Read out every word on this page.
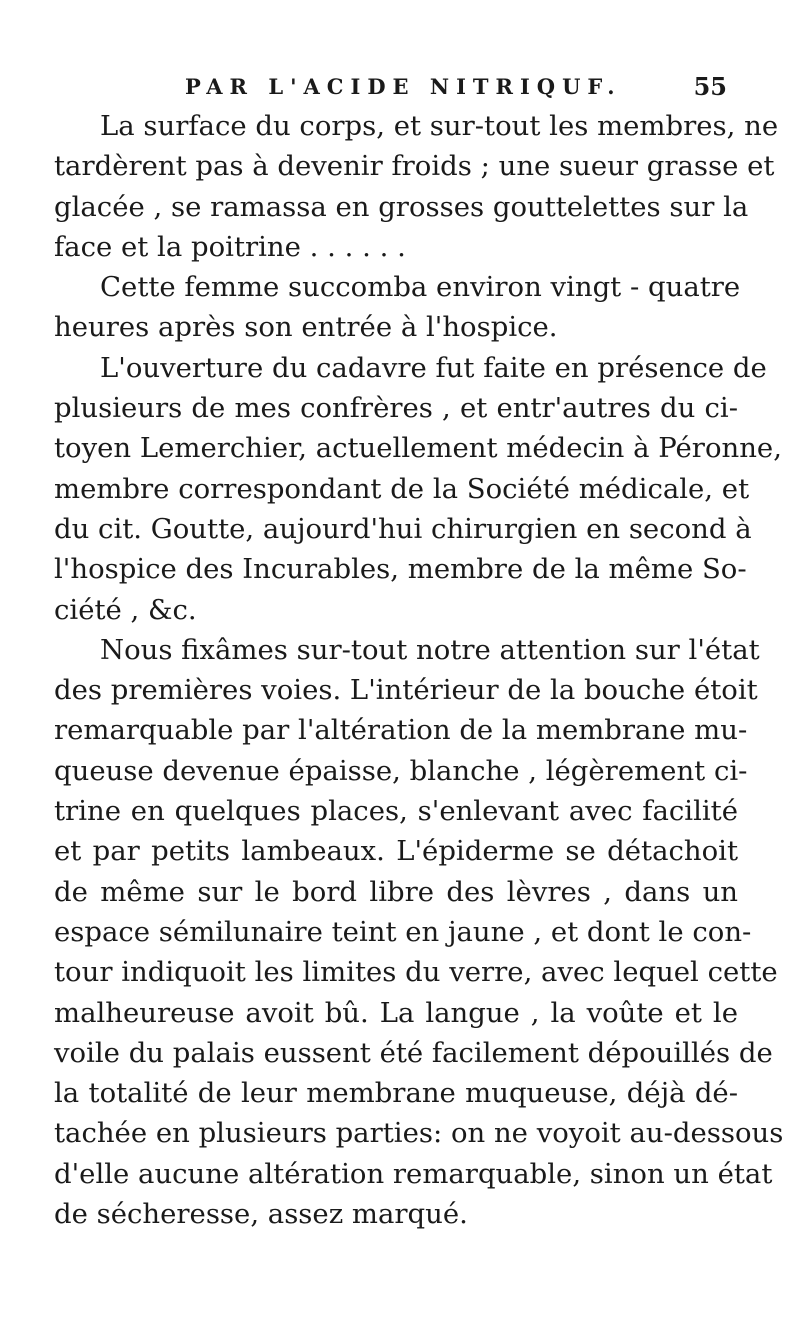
PAR L'ACIDE NITRIQUF.	55
La surface du corps, et sur-tout les membres, ne
tardèrent pas à devenir froids ; une sueur grasse et
glacée , se ramassa en grosses gouttelettes sur la
face et la poitrine . . . . . .
Cette femme succomba environ vingt - quatre
heures après son entrée à l'hospice.
L'ouverture du cadavre fut faite en présence de
plusieurs de mes confrères , et entr'autres du ci-
toyen Lemerchier, actuellement médecin à Péronne,
membre correspondant de la Société médicale, et
du cit. Goutte, aujourd'hui chirurgien en second à
l'hospice des Incurables, membre de la même So-
ciété , &c.
Nous fixâmes sur-tout notre attention sur l'état
des premières voies. L'intérieur de la bouche étoit
remarquable par l'altération de la membrane mu-
queuse devenue épaisse, blanche , légèrement ci-
trine en quelques places, s'enlevant avec facilité
et par petits lambeaux. L'épiderme se détachoit
de même sur le bord libre des lèvres , dans un
espace sémilunaire teint en jaune , et dont le con-
tour indiquoit les limites du verre, avec lequel cette
malheureuse avoit bû. La langue , la voûte et le
voile du palais eussent été facilement dépouillés de
la totalité de leur membrane muqueuse, déjà dé-
tachée en plusieurs parties: on ne voyoit au-dessous
d'elle aucune altération remarquable, sinon un état
de sécheresse, assez marqué.
